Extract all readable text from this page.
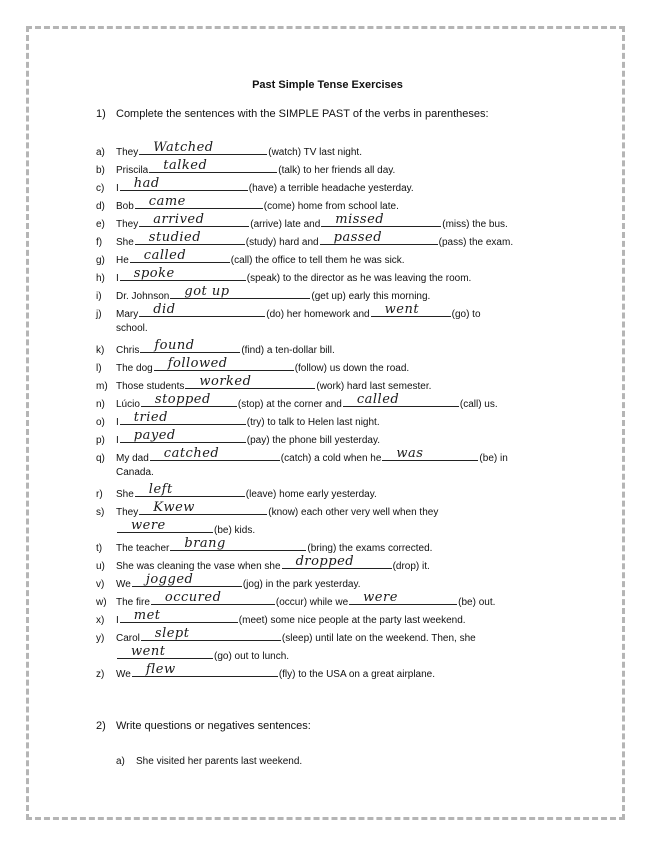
Past Simple Tense Exercises
1) Complete the sentences with the SIMPLE PAST of the verbs in parentheses:
a) They Watched	(watch) TV last night.
b) Priscila talked	(talk) to her friends all day.
c) I had	(have) a terrible headache yesterday.
d) Bob came	(come) home from school late.
e) They arrived	(arrive) late and missed	(miss) the bus.
f) She studied	(study) hard and passed	(pass) the exam.
g) He called	(call) the office to tell them he was sick.
h) I spoke	(speak) to the director as he was leaving the room.
i) Dr. Johnson got up	(get up) early this morning.
j) Mary did	(do) her homework and went	(go) to
school.
k) Chris found	(find) a ten-dollar bill.
l) The dog followed	(follow) us down the road.
m) Those students worked	(work) hard last semester.
n) Lúcio stopped	(stop) at the corner and called	(call) us.
o) I tried	(try) to talk to Helen last night.
p) I payed	(pay) the phone bill yesterday.
q) My dad catched	(catch) a cold when he was	(be) in
Canada.
r) She left	(leave) home early yesterday.
s) They Kwew	(know) each other very well when they
were	(be) kids.
t) The teacher brang	(bring) the exams corrected.
u) She was cleaning the vase when she dropped	(drop) it.
v) We jogged	(jog) in the park yesterday.
w) The fire occured	(occur) while we were	(be) out.
x) I met	(meet) some nice people at the party last weekend.
y) Carol slept	(sleep) until late on the weekend. Then, she
went	(go) out to lunch.
z) We flew	(fly) to the USA on a great airplane.
2) Write questions or negatives sentences:
a) She visited her parents last weekend.
